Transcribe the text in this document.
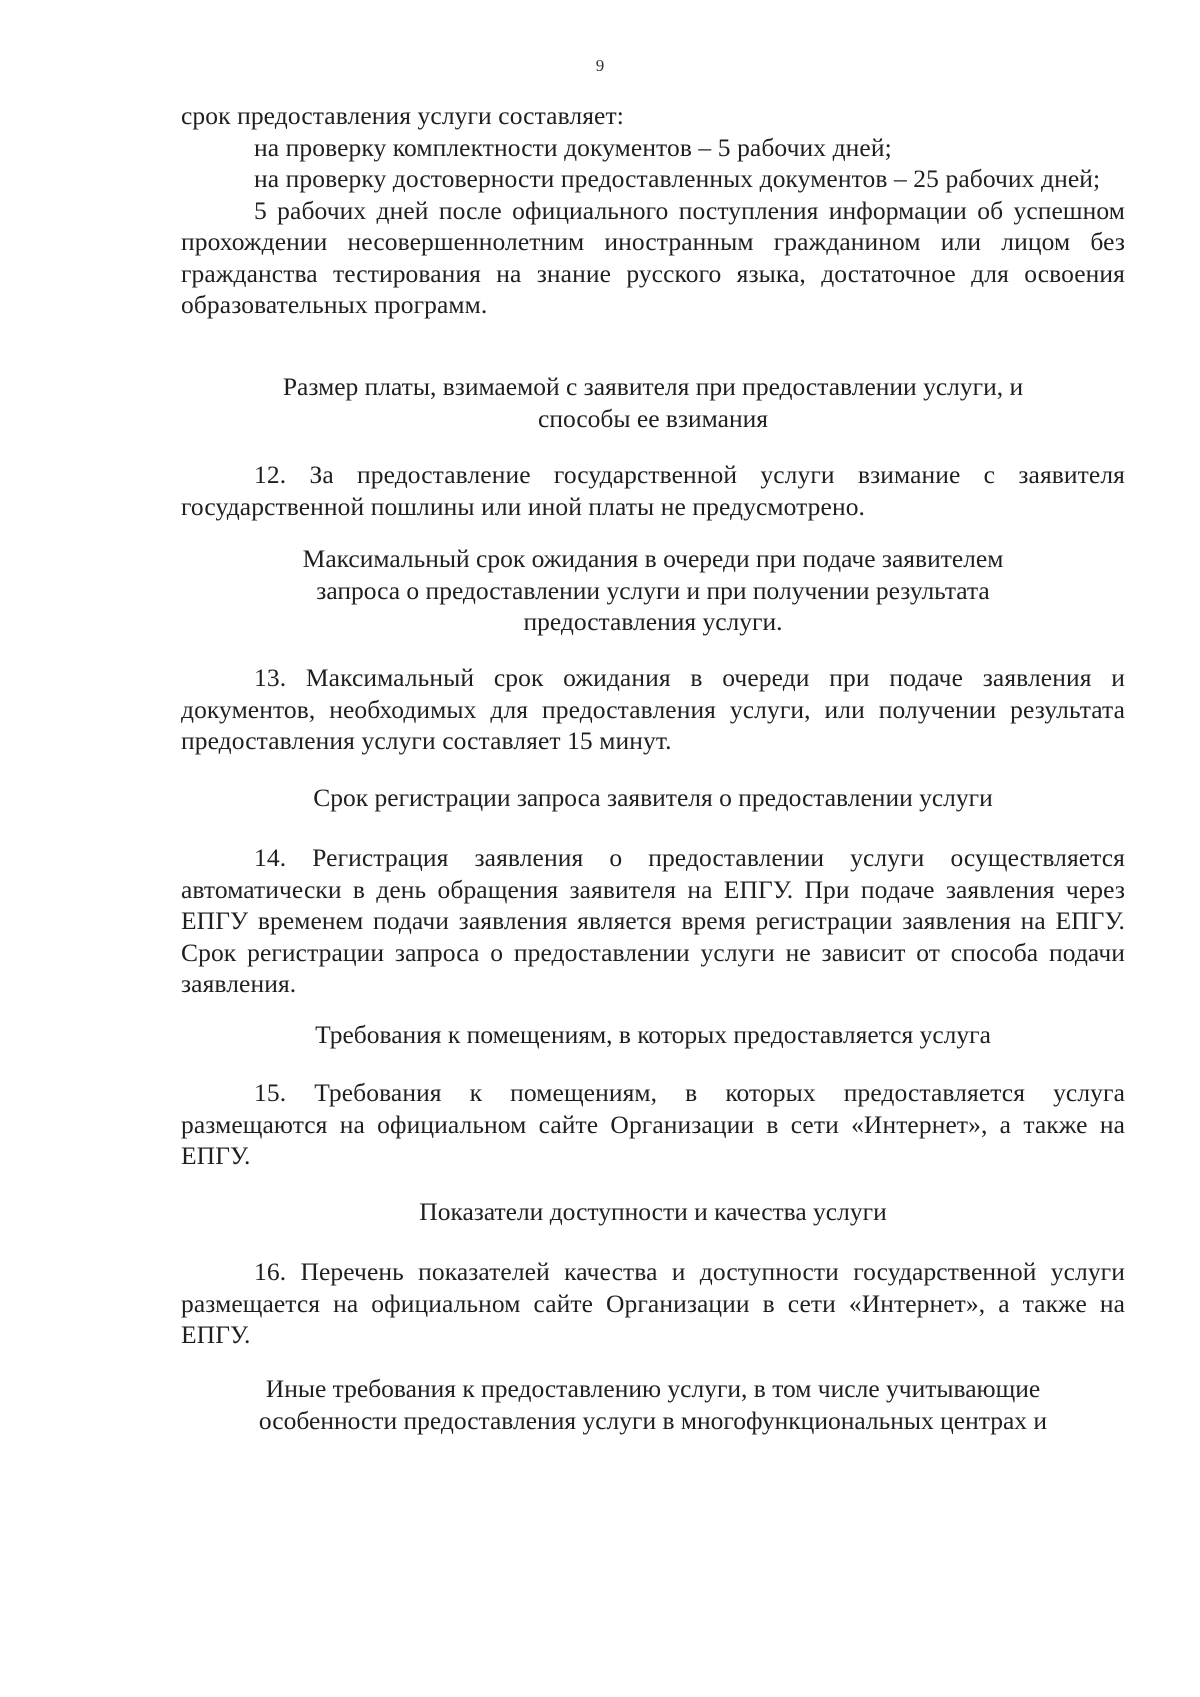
9

срок предоставления услуги составляет:

на проверку комплектности документов – 5 рабочих дней;

на проверку достоверности предоставленных документов – 25 рабочих дней;

5 рабочих дней после официального поступления информации об успешном прохождении несовершеннолетним иностранным гражданином или лицом без гражданства тестирования на знание русского языка, достаточное для освоения образовательных программ.

Размер платы, взимаемой с заявителя при предоставлении услуги, и
способы ее взимания

12. За предоставление государственной услуги взимание с заявителя государственной пошлины или иной платы не предусмотрено.

Максимальный срок ожидания в очереди при подаче заявителем
запроса о предоставлении услуги и при получении результата
предоставления услуги.

13. Максимальный срок ожидания в очереди при подаче заявления и документов, необходимых для предоставления услуги, или получении результата предоставления услуги составляет 15 минут.

Срок регистрации запроса заявителя о предоставлении услуги

14. Регистрация заявления о предоставлении услуги осуществляется автоматически в день обращения заявителя на ЕПГУ. При подаче заявления через ЕПГУ временем подачи заявления является время регистрации заявления на ЕПГУ. Срок регистрации запроса о предоставлении услуги не зависит от способа подачи заявления.

Требования к помещениям, в которых предоставляется услуга

15. Требования к помещениям, в которых предоставляется услуга размещаются на официальном сайте Организации в сети «Интернет», а также на ЕПГУ.

Показатели доступности и качества услуги

16. Перечень показателей качества и доступности государственной услуги размещается на официальном сайте Организации в сети «Интернет», а также на ЕПГУ.

Иные требования к предоставлению услуги, в том числе учитывающие
особенности предоставления услуги в многофункциональных центрах и
